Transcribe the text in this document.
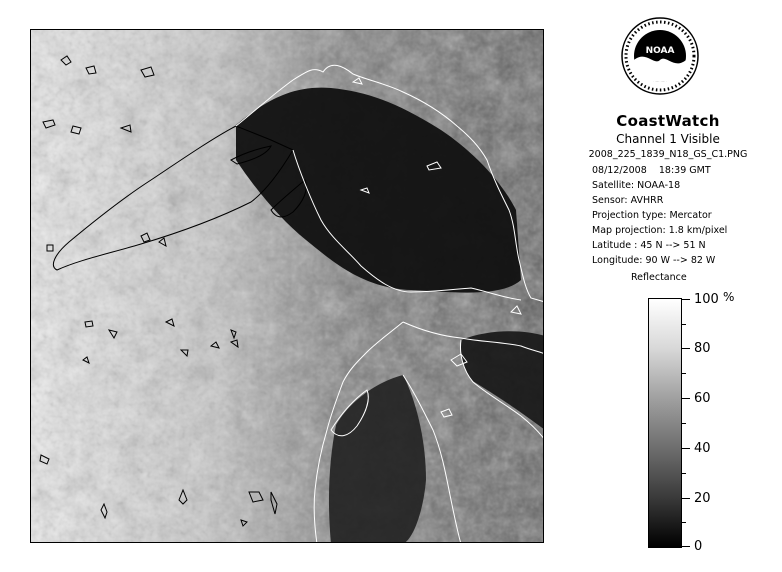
NOAA
CoastWatch
Channel 1 Visible
2008_225_1839_N18_GS_C1.PNG
08/12/2008 18:39 GMT
Satellite: NOAA-18
Sensor: AVHRR
Projection type: Mercator
Map projection: 1.8 km/pixel
Latitude : 45 N --> 51 N
Longitude: 90 W --> 82 W
Reflectance
%
100
80
60
40
20
0
